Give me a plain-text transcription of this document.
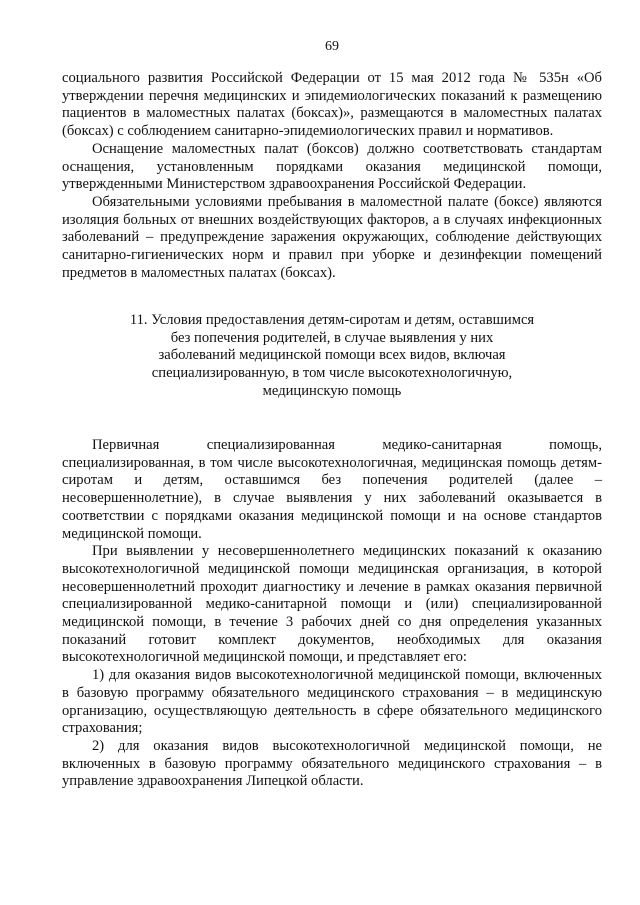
69

социального развития Российской Федерации от 15 мая 2012 года № 535н «Об утверждении перечня медицинских и эпидемиологических показаний к размещению пациентов в маломестных палатах (боксах)», размещаются в маломестных палатах (боксах) с соблюдением санитарно-эпидемиологических правил и нормативов.

Оснащение маломестных палат (боксов) должно соответствовать стандартам оснащения, установленным порядками оказания медицинской помощи, утвержденными Министерством здравоохранения Российской Федерации.

Обязательными условиями пребывания в маломестной палате (боксе) являются изоляция больных от внешних воздействующих факторов, а в случаях инфекционных заболеваний – предупреждение заражения окружающих, соблюдение действующих санитарно-гигиенических норм и правил при уборке и дезинфекции помещений предметов в маломестных палатах (боксах).

11. Условия предоставления детям-сиротам и детям, оставшимся
без попечения родителей, в случае выявления у них
заболеваний медицинской помощи всех видов, включая
специализированную, в том числе высокотехнологичную,
медицинскую помощь

Первичная специализированная медико-санитарная помощь, специализированная, в том числе высокотехнологичная, медицинская помощь детям-сиротам и детям, оставшимся без попечения родителей (далее – несовершеннолетние), в случае выявления у них заболеваний оказывается в соответствии с порядками оказания медицинской помощи и на основе стандартов медицинской помощи.

При выявлении у несовершеннолетнего медицинских показаний к оказанию высокотехнологичной медицинской помощи медицинская организация, в которой несовершеннолетний проходит диагностику и лечение в рамках оказания первичной специализированной медико-санитарной помощи и (или) специализированной медицинской помощи, в течение 3 рабочих дней со дня определения указанных показаний готовит комплект документов, необходимых для оказания высокотехнологичной медицинской помощи, и представляет его:

1) для оказания видов высокотехнологичной медицинской помощи, включенных в базовую программу обязательного медицинского страхования – в медицинскую организацию, осуществляющую деятельность в сфере обязательного медицинского страхования;

2) для оказания видов высокотехнологичной медицинской помощи, не включенных в базовую программу обязательного медицинского страхования – в управление здравоохранения Липецкой области.
